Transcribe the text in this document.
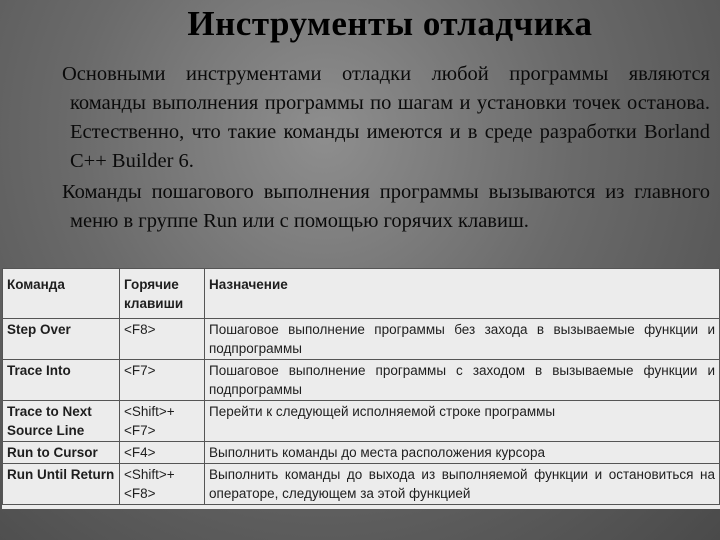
Инструменты отладчика

Основными инструментами отладки любой программы являются команды выполнения программы по шагам и установки точек останова. Естественно, что такие команды имеются и в среде разработки Borland C++ Builder 6.

Команды пошагового выполнения программы вызываются из главного меню в группе Run или с помощью горячих клавиш.

Команда	Горячие клавиши	Назначение
Step Over	<F8>	Пошаговое выполнение программы без захода в вызываемые функции и подпрограммы
Trace Into	<F7>	Пошаговое выполнение программы с заходом в вызываемые функции и подпрограммы
Trace to Next Source Line	<Shift>+<F7>	Перейти к следующей исполняемой строке программы
Run to Cursor	<F4>	Выполнить команды до места расположения курсора
Run Until Return	<Shift>+<F8>	Выполнить команды до выхода из выполняемой функции и остановиться на операторе, следующем за этой функцией
